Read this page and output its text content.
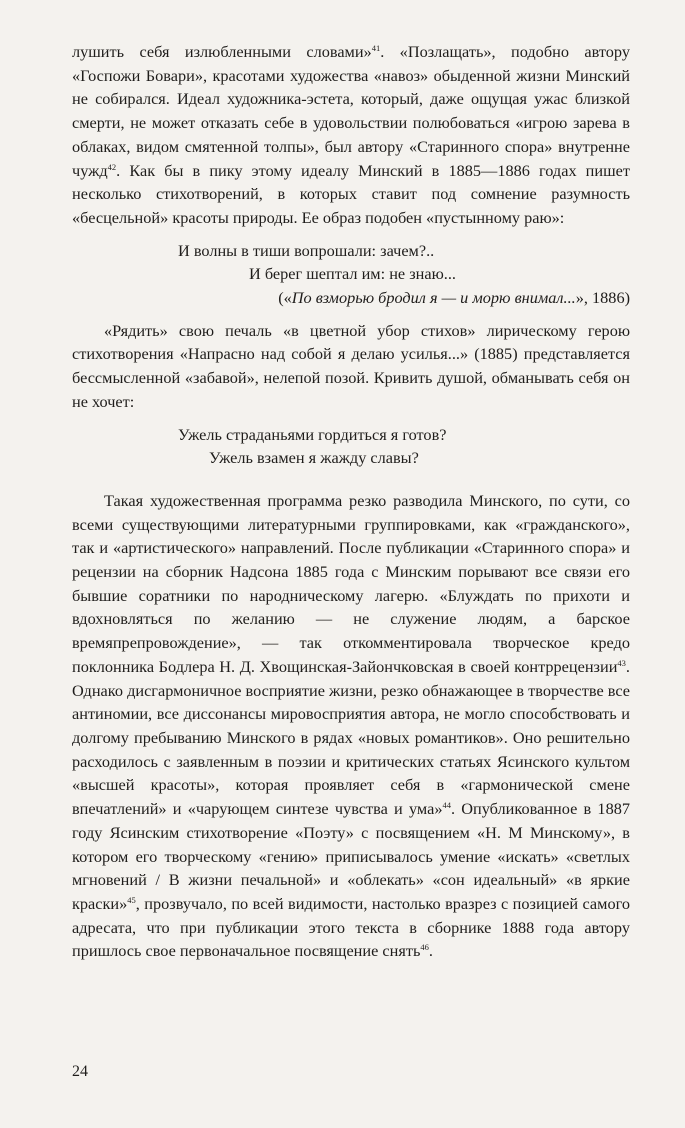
лушить себя излюбленными словами»$^{41}$. «Позлащать», подобно автору «Госпожи Бовари», красотами художества «навоз» обыденной жизни Минский не собирался. Идеал художника-эстета, который, даже ощущая ужас близкой смерти, не может отказать себе в удовольствии полюбоваться «игрою зарева в облаках, видом смятенной толпы», был автору «Старинного спора» внутренне чужд$^{42}$. Как бы в пику этому идеалу Минский в 1885—1886 годах пишет несколько стихотворений, в которых ставит под сомнение разумность «бесцельной» красоты природы. Ее образ подобен «пустынному раю»:

И волны в тиши вопрошали: зачем?..
И берег шептал им: не знаю...
(«По взморью бродил я — и морю внимал...», 1886)

«Рядить» свою печаль «в цветной убор стихов» лирическому герою стихотворения «Напрасно над собой я делаю усилья...» (1885) представляется бессмысленной «забавой», нелепой позой. Кривить душой, обманывать себя он не хочет:

Ужель страданьями гордиться я готов?
Ужель взамен я жажду славы?

Такая художественная программа резко разводила Минского, по сути, со всеми существующими литературными группировками, как «гражданского», так и «артистического» направлений. После публикации «Старинного спора» и рецензии на сборник Надсона 1885 года с Минским порывают все связи его бывшие соратники по народническому лагерю. «Блуждать по прихоти и вдохновляться по желанию — не служение людям, а барское времяпрепровождение», — так откомментировала творческое кредо поклонника Бодлера Н. Д. Хвощинская-Зайончковская в своей контррецензии$^{43}$. Однако дисгармоничное восприятие жизни, резко обнажающее в творчестве все антиномии, все диссонансы мировосприятия автора, не могло способствовать и долгому пребыванию Минского в рядах «новых романтиков». Оно решительно расходилось с заявленным в поэзии и критических статьях Ясинского культом «высшей красоты», которая проявляет себя в «гармонической смене впечатлений» и «чарующем синтезе чувства и ума»$^{44}$. Опубликованное в 1887 году Ясинским стихотворение «Поэту» с посвящением «Н. М Минскому», в котором его творческому «гению» приписывалось умение «искать» «светлых мгновений / В жизни печальной» и «облекать» «сон идеальный» «в яркие краски»$^{45}$, прозвучало, по всей видимости, настолько вразрез с позицией самого адресата, что при публикации этого текста в сборнике 1888 года автору пришлось свое первоначальное посвящение снять$^{46}$.

24
